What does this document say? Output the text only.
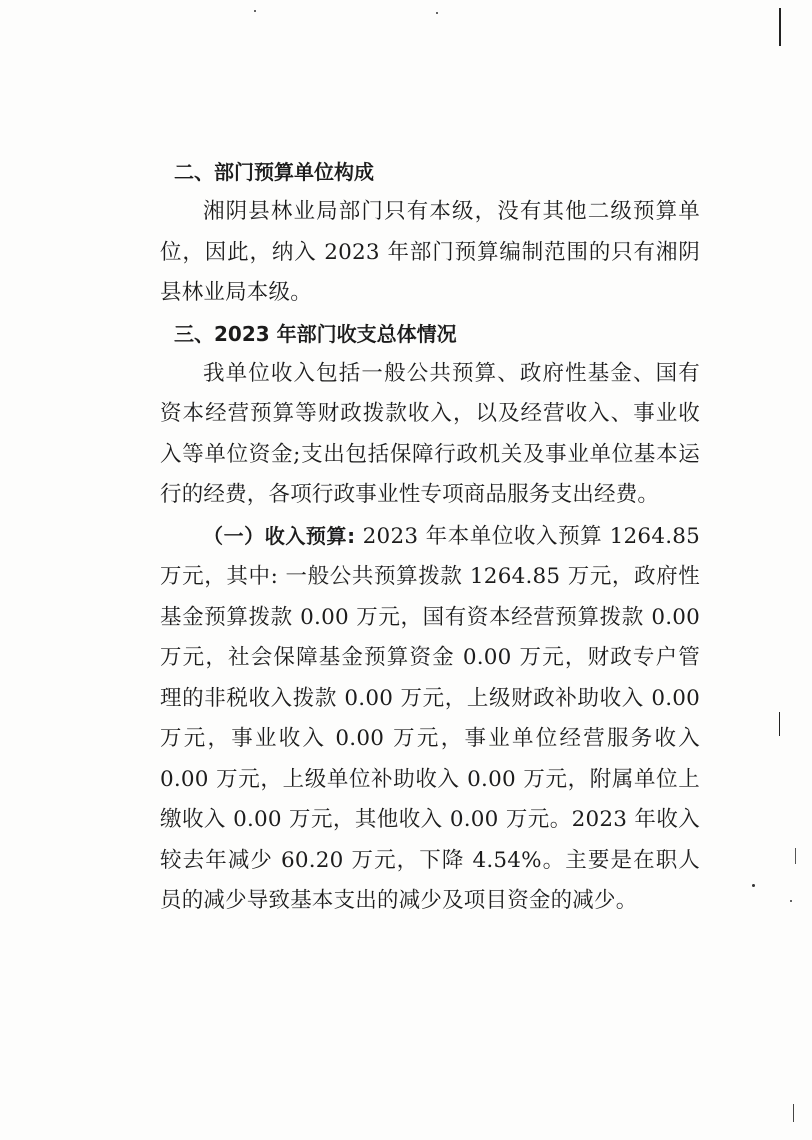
二、部门预算单位构成

湘阴县林业局部门只有本级，没有其他二级预算单位，因此，纳入 2023 年部门预算编制范围的只有湘阴县林业局本级。

三、2023 年部门收支总体情况

我单位收入包括一般公共预算、政府性基金、国有资本经营预算等财政拨款收入，以及经营收入、事业收入等单位资金;支出包括保障行政机关及事业单位基本运行的经费，各项行政事业性专项商品服务支出经费。

（一）收入预算: 2023 年本单位收入预算 1264.85 万元，其中: 一般公共预算拨款 1264.85 万元，政府性基金预算拨款 0.00 万元，国有资本经营预算拨款 0.00 万元，社会保障基金预算资金 0.00 万元，财政专户管理的非税收入拨款 0.00 万元，上级财政补助收入 0.00 万元，事业收入 0.00 万元，事业单位经营服务收入 0.00 万元，上级单位补助收入 0.00 万元，附属单位上缴收入 0.00 万元，其他收入 0.00 万元。2023 年收入较去年减少 60.20 万元，下降 4.54%。主要是在职人员的减少导致基本支出的减少及项目资金的减少。
